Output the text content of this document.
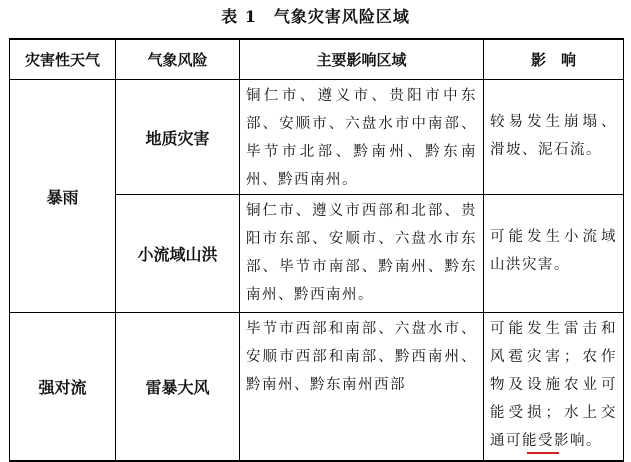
表 1　气象灾害风险区域
灾害性天气	气象风险	主要影响区域	影　响
暴雨	地质灾害	铜仁市、遵义市、贵阳市中东部、安顺市、六盘水市中南部、毕节市北部、黔南州、黔东南州、黔西南州。	较易发生崩塌、滑坡、泥石流。
	小流域山洪	铜仁市、遵义市西部和北部、贵阳市东部、安顺市、六盘水市东部、毕节市南部、黔南州、黔东南州、黔西南州。	可能发生小流域山洪灾害。
强对流	雷暴大风	毕节市西部和南部、六盘水市、安顺市西部和南部、黔西南州、黔南州、黔东南州西部	可能发生雷击和风雹灾害；农作物及设施农业可能受损；水上交通可能受影响。
